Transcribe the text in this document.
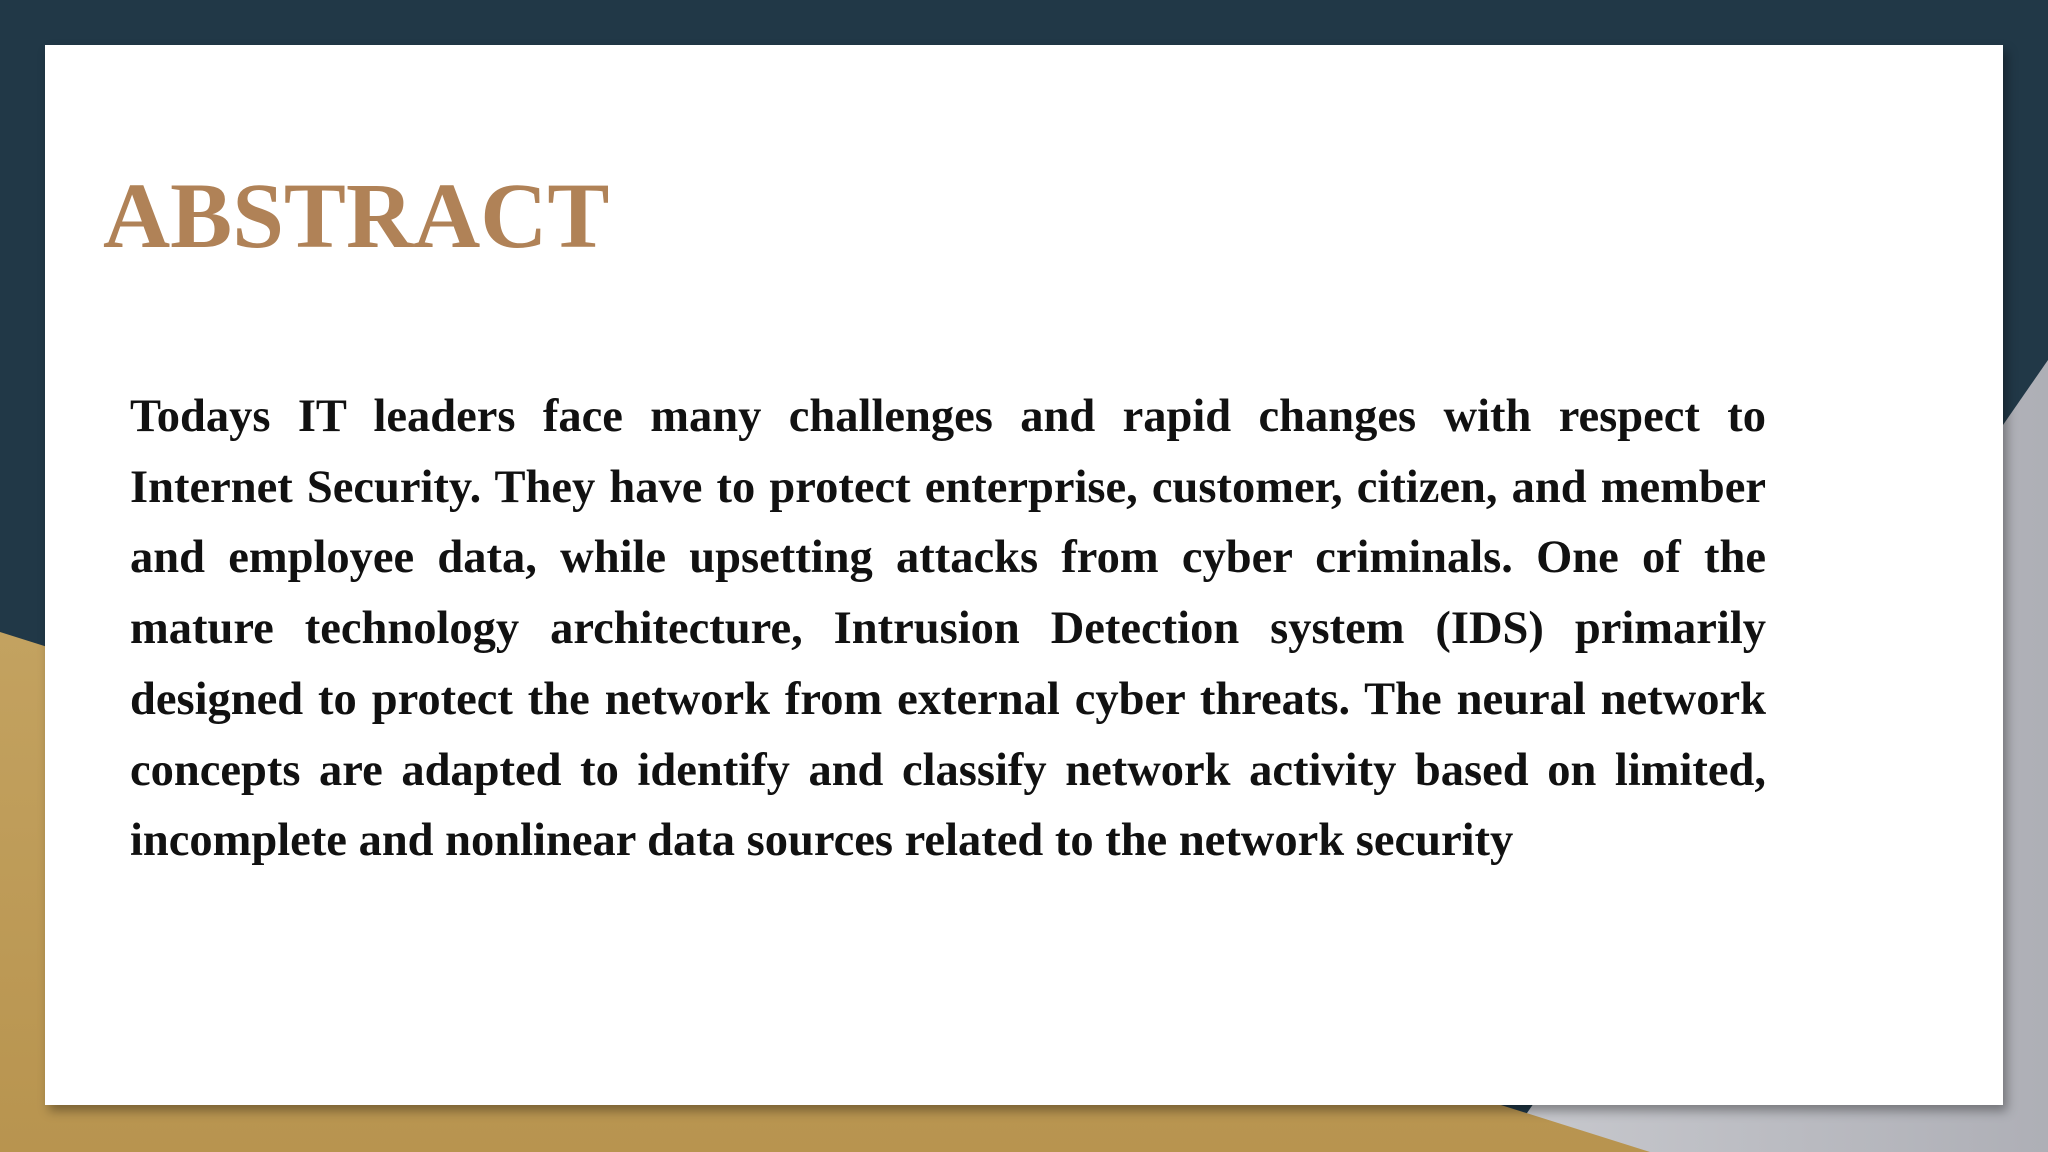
ABSTRACT

Todays IT leaders face many challenges and rapid changes with respect to Internet Security. They have to protect enterprise, customer, citizen, and member and employee data, while upsetting attacks from cyber criminals. One of the mature technology architecture, Intrusion Detection system (IDS) primarily designed to protect the network from external cyber threats. The neural network concepts are adapted to identify and classify network activity based on limited, incomplete and nonlinear data sources related to the network security
